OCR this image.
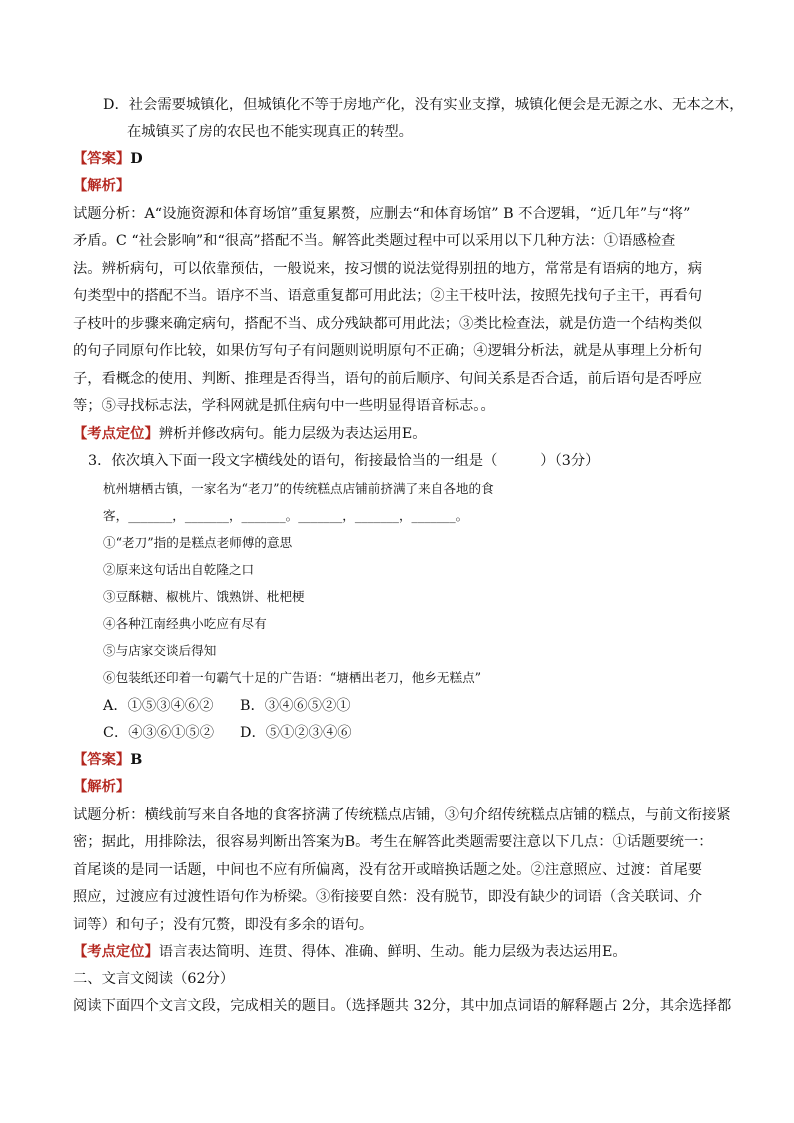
D．社会需要城镇化，但城镇化不等于房地产化，没有实业支撑，城镇化便会是无源之水、无本之木，
在城镇买了房的农民也不能实现真正的转型。
【答案】D
【解析】
试题分析：A“设施资源和体育场馆”重复累赘，应删去“和体育场馆” B 不合逻辑，“近几年”与“将”
矛盾。C “社会影响”和“很高”搭配不当。解答此类题过程中可以采用以下几种方法：①语感检查
法。辨析病句，可以依靠预估，一般说来，按习惯的说法觉得别扭的地方，常常是有语病的地方，病
句类型中的搭配不当。语序不当、语意重复都可用此法；②主干枝叶法，按照先找句子主干，再看句
子枝叶的步骤来确定病句，搭配不当、成分残缺都可用此法；③类比检查法，就是仿造一个结构类似
的句子同原句作比较，如果仿写句子有问题则说明原句不正确；④逻辑分析法，就是从事理上分析句
子，看概念的使用、判断、推理是否得当，语句的前后顺序、句间关系是否合适，前后语句是否呼应
等；⑤寻找标志法，学科网就是抓住病句中一些明显得语音标志。。
【考点定位】辨析并修改病句。能力层级为表达运用E。
3．依次填入下面一段文字横线处的语句，衔接最恰当的一组是（　　　）（3分）
杭州塘栖古镇，一家名为“老刀”的传统糕点店铺前挤满了来自各地的食
客，_______，_______，_______。_______，_______，_______。
①“老刀”指的是糕点老师傅的意思
②原来这句话出自乾隆之口
③豆酥糖、椒桃片、饿熟饼、枇杷梗
④各种江南经典小吃应有尽有
⑤与店家交谈后得知
⑥包装纸还印着一句霸气十足的广告语：“塘栖出老刀，他乡无糕点”
A．①⑤③④⑥② B．③④⑥⑤②①
C．④③⑥①⑤② D．⑤①②③④⑥
【答案】B
【解析】
试题分析：横线前写来自各地的食客挤满了传统糕点店铺，③句介绍传统糕点店铺的糕点，与前文衔接紧
密；据此，用排除法，很容易判断出答案为B。考生在解答此类题需要注意以下几点：①话题要统一：
首尾谈的是同一话题，中间也不应有所偏离，没有岔开或暗换话题之处。②注意照应、过渡：首尾要
照应，过渡应有过渡性语句作为桥梁。③衔接要自然：没有脱节，即没有缺少的词语（含关联词、介
词等）和句子；没有冗赘，即没有多余的语句。
【考点定位】语言表达简明、连贯、得体、准确、鲜明、生动。能力层级为表达运用E。
二、文言文阅读（62分）
阅读下面四个文言文段，完成相关的题目。（选择题共 32分，其中加点词语的解释题占 2分，其余选择都
